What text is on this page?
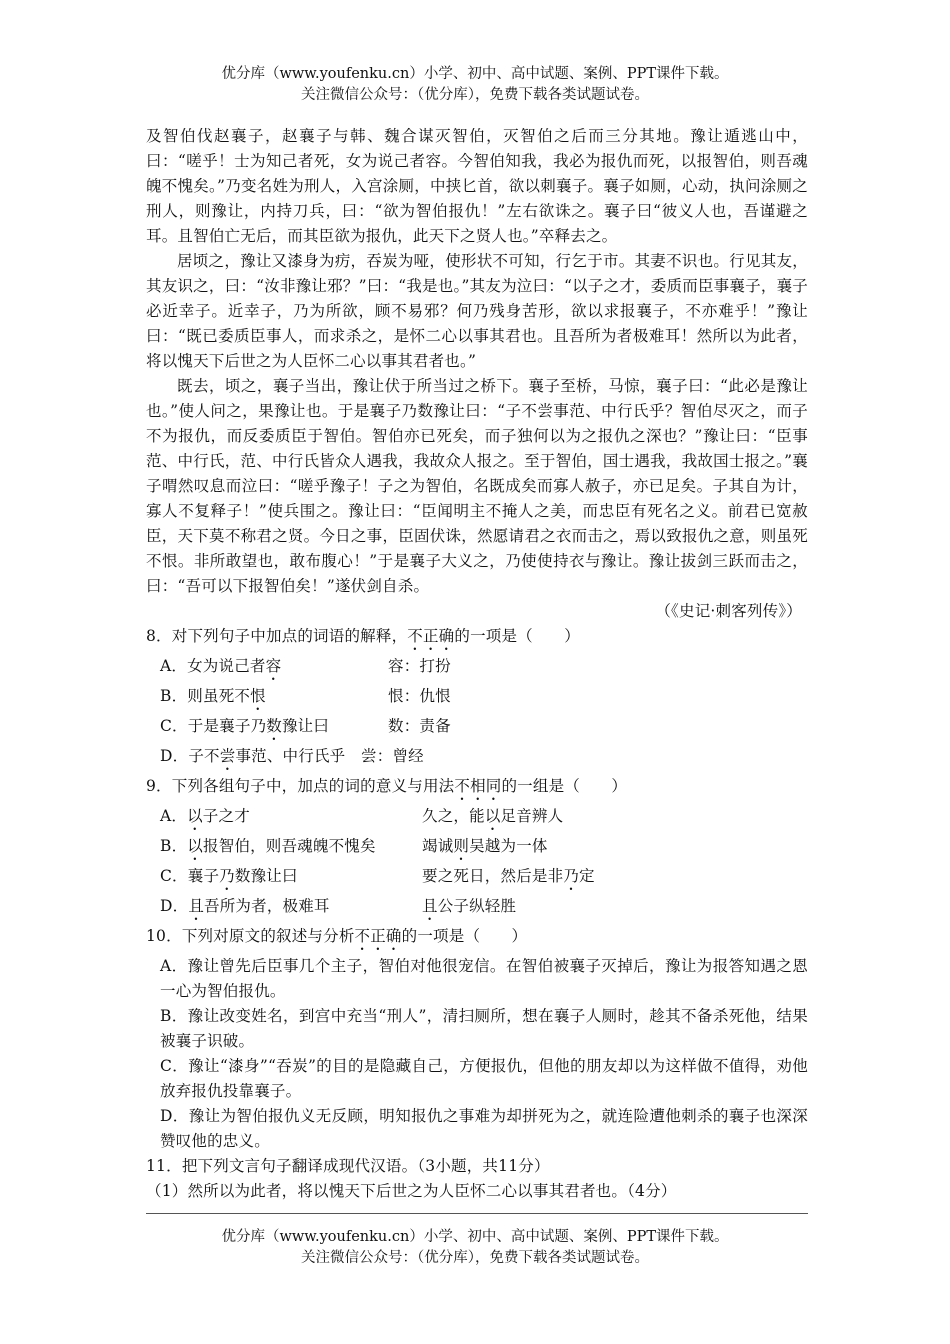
优分库（www.youfenku.cn）小学、初中、高中试题、案例、PPT课件下载。
关注微信公众号：（优分库），免费下载各类试题试卷。

及智伯伐赵襄子，赵襄子与韩、魏合谋灭智伯，灭智伯之后而三分其地。豫让遁逃山中，曰：“嗟乎！士为知己者死，女为说己者容。今智伯知我，我必为报仇而死，以报智伯，则吾魂魄不愧矣。”乃变名姓为刑人，入宫涂厕，中挟匕首，欲以刺襄子。襄子如厕，心动，执问涂厕之刑人，则豫让，内持刀兵，曰：“欲为智伯报仇！”左右欲诛之。襄子曰“彼义人也，吾谨避之耳。且智伯亡无后，而其臣欲为报仇，此天下之贤人也。”卒释去之。

居顷之，豫让又漆身为疠，吞炭为哑，使形状不可知，行乞于市。其妻不识也。行见其友，其友识之，曰：“汝非豫让邪？”曰：“我是也。”其友为泣曰：“以子之才，委质而臣事襄子，襄子必近幸子。近幸子，乃为所欲，顾不易邪？何乃残身苦形，欲以求报襄子，不亦难乎！”豫让曰：“既已委质臣事人，而求杀之，是怀二心以事其君也。且吾所为者极难耳！然所以为此者，将以愧天下后世之为人臣怀二心以事其君者也。”

既去，顷之，襄子当出，豫让伏于所当过之桥下。襄子至桥，马惊，襄子曰：“此必是豫让也。”使人问之，果豫让也。于是襄子乃数豫让曰：“子不尝事范、中行氏乎？智伯尽灭之，而子不为报仇，而反委质臣于智伯。智伯亦已死矣，而子独何以为之报仇之深也？”豫让曰：“臣事范、中行氏，范、中行氏皆众人遇我，我故众人报之。至于智伯，国士遇我，我故国士报之。”襄子喟然叹息而泣曰：“嗟乎豫子！子之为智伯，名既成矣而寡人赦子，亦已足矣。子其自为计，寡人不复释子！”使兵围之。豫让曰：“臣闻明主不掩人之美，而忠臣有死名之义。前君已宽赦臣，天下莫不称君之贤。今日之事，臣固伏诛，然愿请君之衣而击之，焉以致报仇之意，则虽死不恨。非所敢望也，敢布腹心！”于是襄子大义之，乃使使持衣与豫让。豫让拔剑三跃而击之，曰：“吾可以下报智伯矣！”遂伏剑自杀。

（《史记·刺客列传》）

8．对下列句子中加点的词语的解释，不正确的一项是（　　）

A．女为说己者容	容：打扮

B．则虽死不恨	恨：仇恨

C．于是襄子乃数豫让曰	数：责备

D．子不尝事范、中行氏乎　 尝：曾经

9．下列各组句子中，加点的词的意义与用法不相同的一组是（　　）

A．以子之才	久之，能以足音辨人

B．以报智伯，则吾魂魄不愧矣	竭诚则吴越为一体

C．襄子乃数豫让曰	要之死日，然后是非乃定

D．且吾所为者，极难耳	且公子纵轻胜

10．下列对原文的叙述与分析不正确的一项是（　　）

A．豫让曾先后臣事几个主子，智伯对他很宠信。在智伯被襄子灭掉后，豫让为报答知遇之恩一心为智伯报仇。

B．豫让改变姓名，到宫中充当“刑人”，清扫厕所，想在襄子人厕时，趁其不备杀死他，结果被襄子识破。

C．豫让“漆身”“吞炭”的目的是隐藏自己，方便报仇，但他的朋友却以为这样做不值得，劝他放弃报仇投靠襄子。

D．豫让为智伯报仇义无反顾，明知报仇之事难为却拼死为之，就连险遭他刺杀的襄子也深深赞叹他的忠义。

11．把下列文言句子翻译成现代汉语。（3小题，共11分）

（1）然所以为此者，将以愧天下后世之为人臣怀二心以事其君者也。（4分）

优分库（www.youfenku.cn）小学、初中、高中试题、案例、PPT课件下载。
关注微信公众号：（优分库），免费下载各类试题试卷。
